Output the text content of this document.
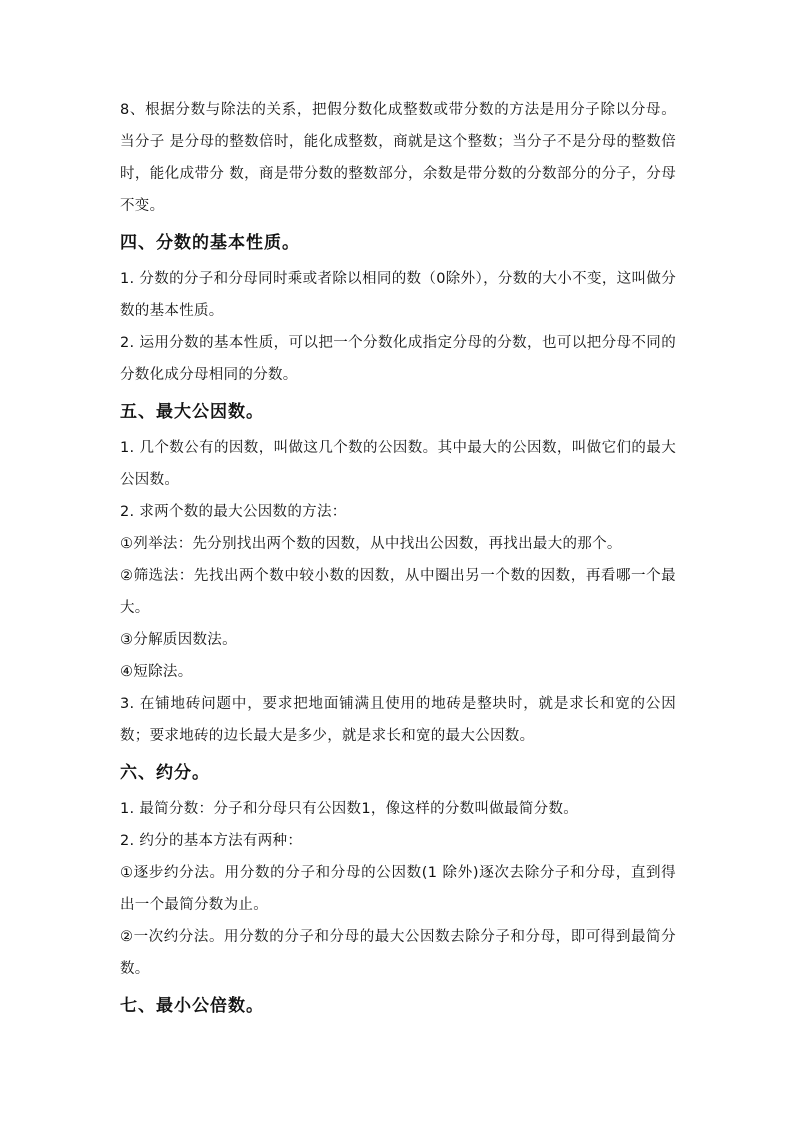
8、根据分数与除法的关系，把假分数化成整数或带分数的方法是用分子除以分母。当分子 是分母的整数倍时，能化成整数，商就是这个整数；当分子不是分母的整数倍时，能化成带分 数，商是带分数的整数部分，余数是带分数的分数部分的分子，分母不变。

四、分数的基本性质。

1. 分数的分子和分母同时乘或者除以相同的数（0除外），分数的大小不变，这叫做分数的基本性质。

2. 运用分数的基本性质，可以把一个分数化成指定分母的分数，也可以把分母不同的分数化成分母相同的分数。

五、最大公因数。

1. 几个数公有的因数，叫做这几个数的公因数。其中最大的公因数，叫做它们的最大公因数。

2. 求两个数的最大公因数的方法：

①列举法：先分别找出两个数的因数，从中找出公因数，再找出最大的那个。

②筛选法：先找出两个数中较小数的因数，从中圈出另一个数的因数，再看哪一个最大。

③分解质因数法。

④短除法。

3. 在铺地砖问题中，要求把地面铺满且使用的地砖是整块时，就是求长和宽的公因数；要求地砖的边长最大是多少，就是求长和宽的最大公因数。

六、约分。

1. 最简分数：分子和分母只有公因数1，像这样的分数叫做最简分数。

2. 约分的基本方法有两种：

①逐步约分法。用分数的分子和分母的公因数(1 除外)逐次去除分子和分母，直到得出一个最简分数为止。

②一次约分法。用分数的分子和分母的最大公因数去除分子和分母，即可得到最简分数。

七、最小公倍数。
